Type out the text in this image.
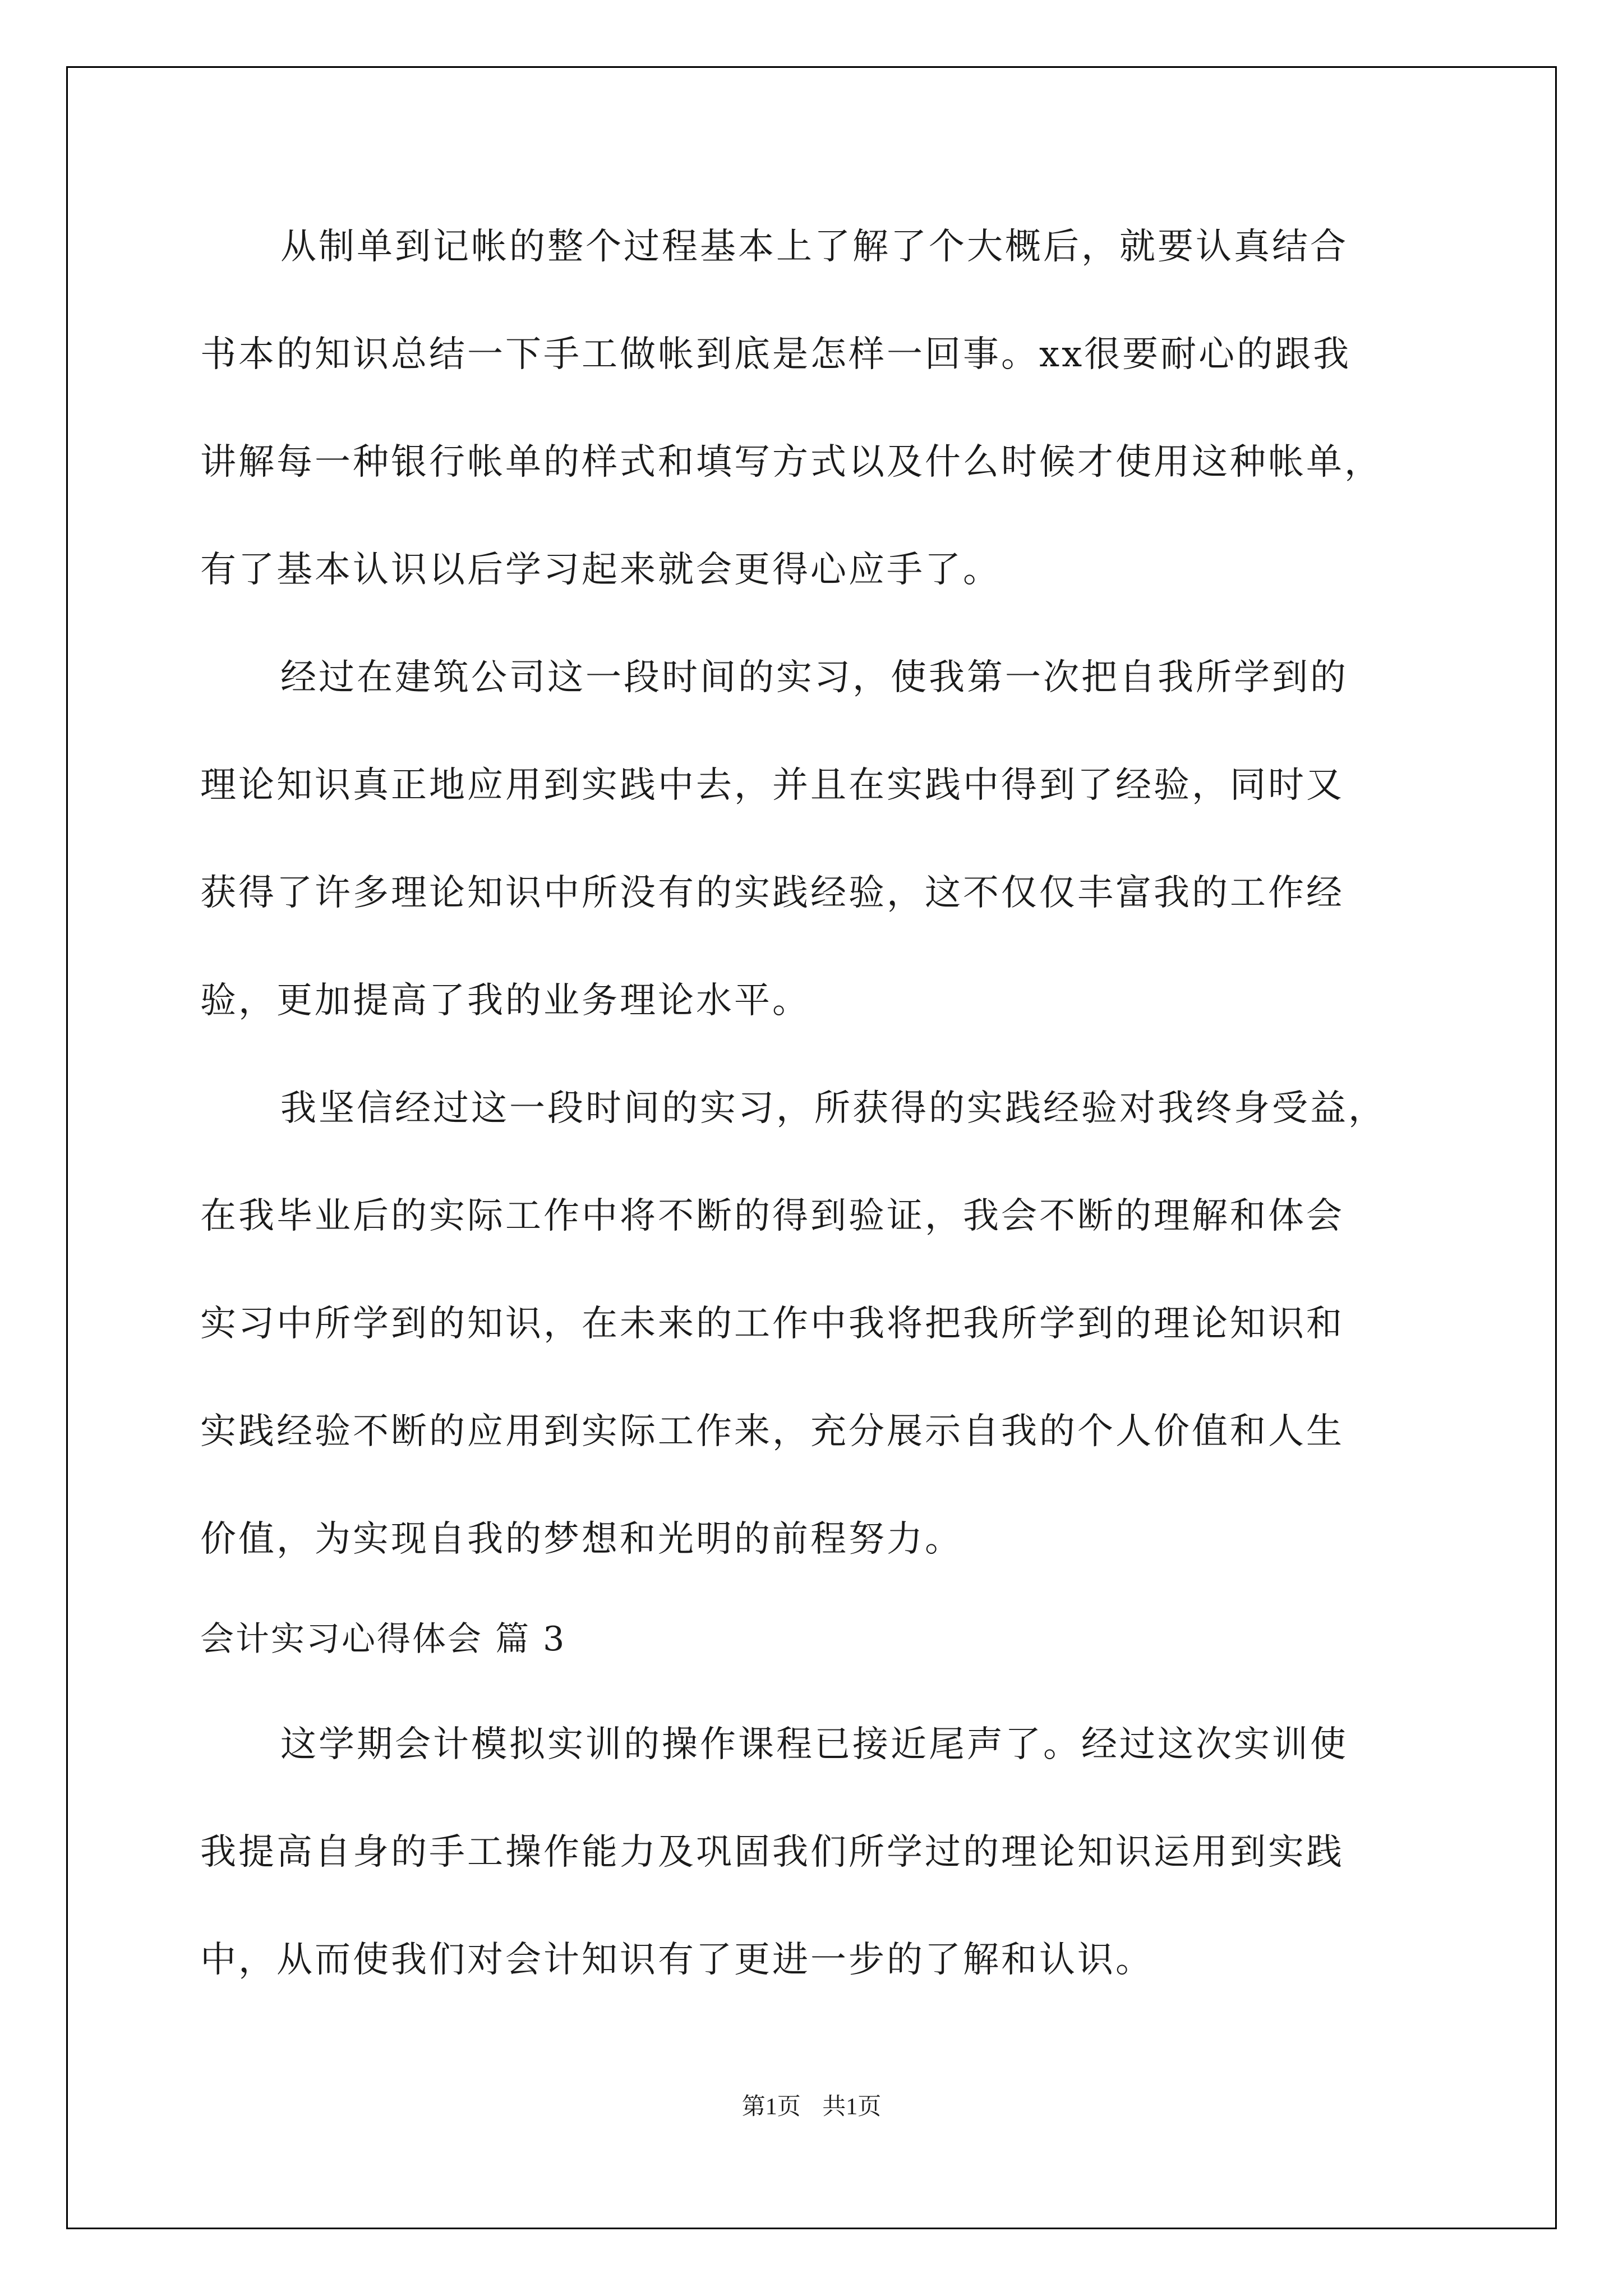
从制单到记帐的整个过程基本上了解了个大概后，就要认真结合
书本的知识总结一下手工做帐到底是怎样一回事。xx很要耐心的跟我
讲解每一种银行帐单的样式和填写方式以及什么时候才使用这种帐单，
有了基本认识以后学习起来就会更得心应手了。
经过在建筑公司这一段时间的实习，使我第一次把自我所学到的
理论知识真正地应用到实践中去，并且在实践中得到了经验，同时又
获得了许多理论知识中所没有的实践经验，这不仅仅丰富我的工作经
验，更加提高了我的业务理论水平。
我坚信经过这一段时间的实习，所获得的实践经验对我终身受益，
在我毕业后的实际工作中将不断的得到验证，我会不断的理解和体会
实习中所学到的知识，在未来的工作中我将把我所学到的理论知识和
实践经验不断的应用到实际工作来，充分展示自我的个人价值和人生
价值，为实现自我的梦想和光明的前程努力。
会计实习心得体会 篇 3
这学期会计模拟实训的操作课程已接近尾声了。经过这次实训使
我提高自身的手工操作能力及巩固我们所学过的理论知识运用到实践
中，从而使我们对会计知识有了更进一步的了解和认识。
第1页 共1页
